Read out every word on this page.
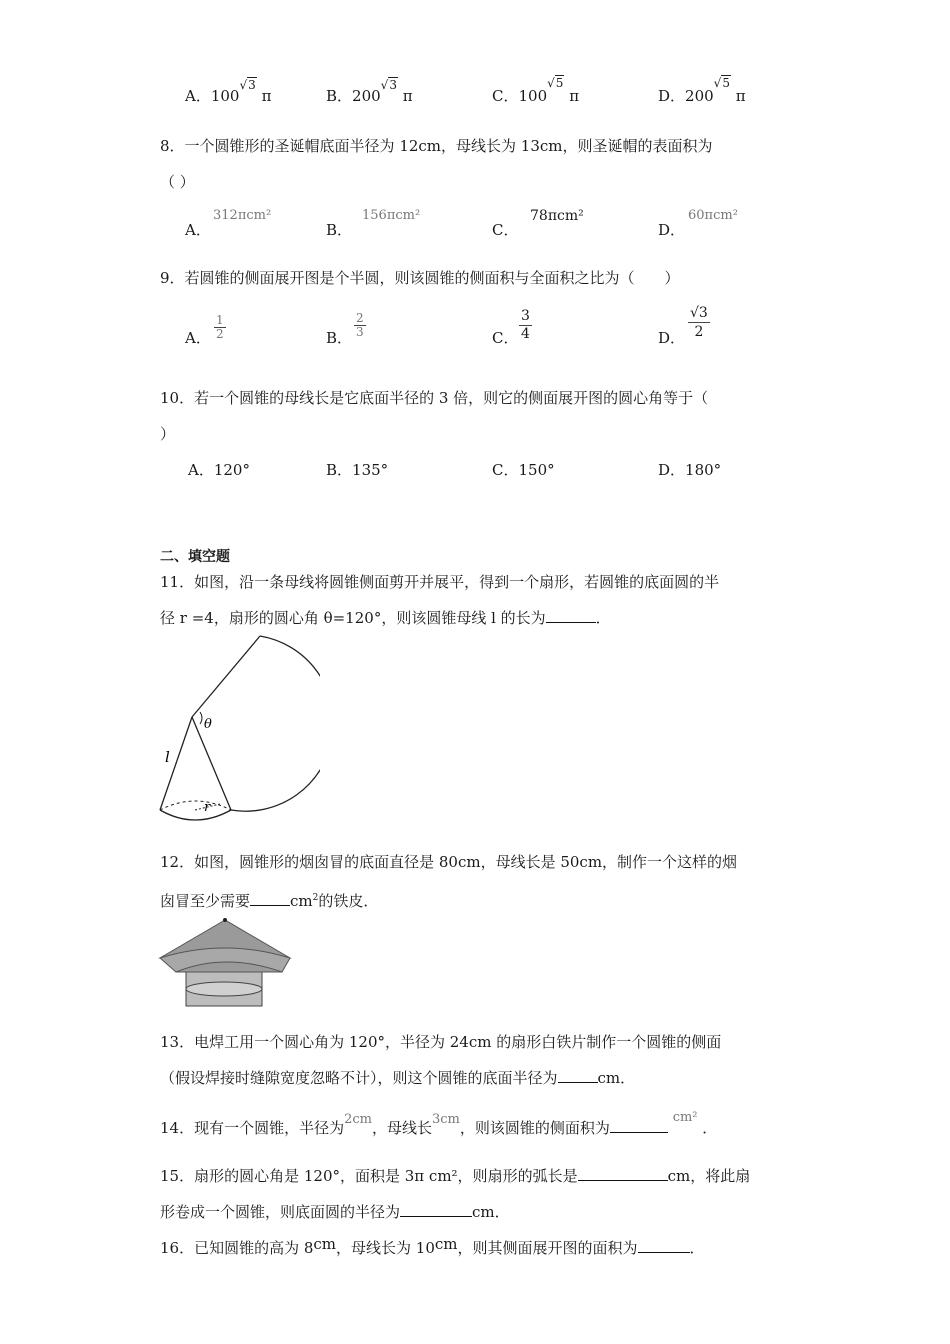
A．100√3 π	B．200√3 π	C．100√5 π	D．200√5 π
8．一个圆锥形的圣诞帽底面半径为 12cm，母线长为 13cm，则圣诞帽的表面积为
（ ）
A．
312πcm²
B．
156πcm²
C．
78πcm²
D．
60πcm²
9．若圆锥的侧面展开图是个半圆，则该圆锥的侧面积与全面积之比为（　　）
A． $\frac{1}{2}$	B． $\frac{2}{3}$	C． $\frac{3}{4}$	D． $\frac{√3}{2}$
10．若一个圆锥的母线长是它底面半径的 3 倍，则它的侧面展开图的圆心角等于（
）
A．120°	B．135°	C．150°	D．180°
二、填空题
11．如图，沿一条母线将圆锥侧面剪开并展平，得到一个扇形，若圆锥的底面圆的半
径 r =4，扇形的圆心角 θ=120°，则该圆锥母线 l 的长为	．
l
θ
r
12．如图，圆锥形的烟囱冒的底面直径是 80cm，母线长是 50cm，制作一个这样的烟
囱冒至少需要	$cm^2$的铁皮．
13．电焊工用一个圆心角为 120°，半径为 24cm 的扇形白铁片制作一个圆锥的侧面
（假设焊接时缝隙宽度忽略不计），则这个圆锥的底面半径为	cm．
14．现有一个圆锥，半径为2cm，母线长3cm，则该圆锥的侧面积为 cm² ．
15．扇形的圆心角是 120°，面积是 3π cm²，则扇形的弧长是	cm，将此扇
形卷成一个圆锥，则底面圆的半径为	cm．
16．已知圆锥的高为 8cm，母线长为 10cm，则其侧面展开图的面积为	．
